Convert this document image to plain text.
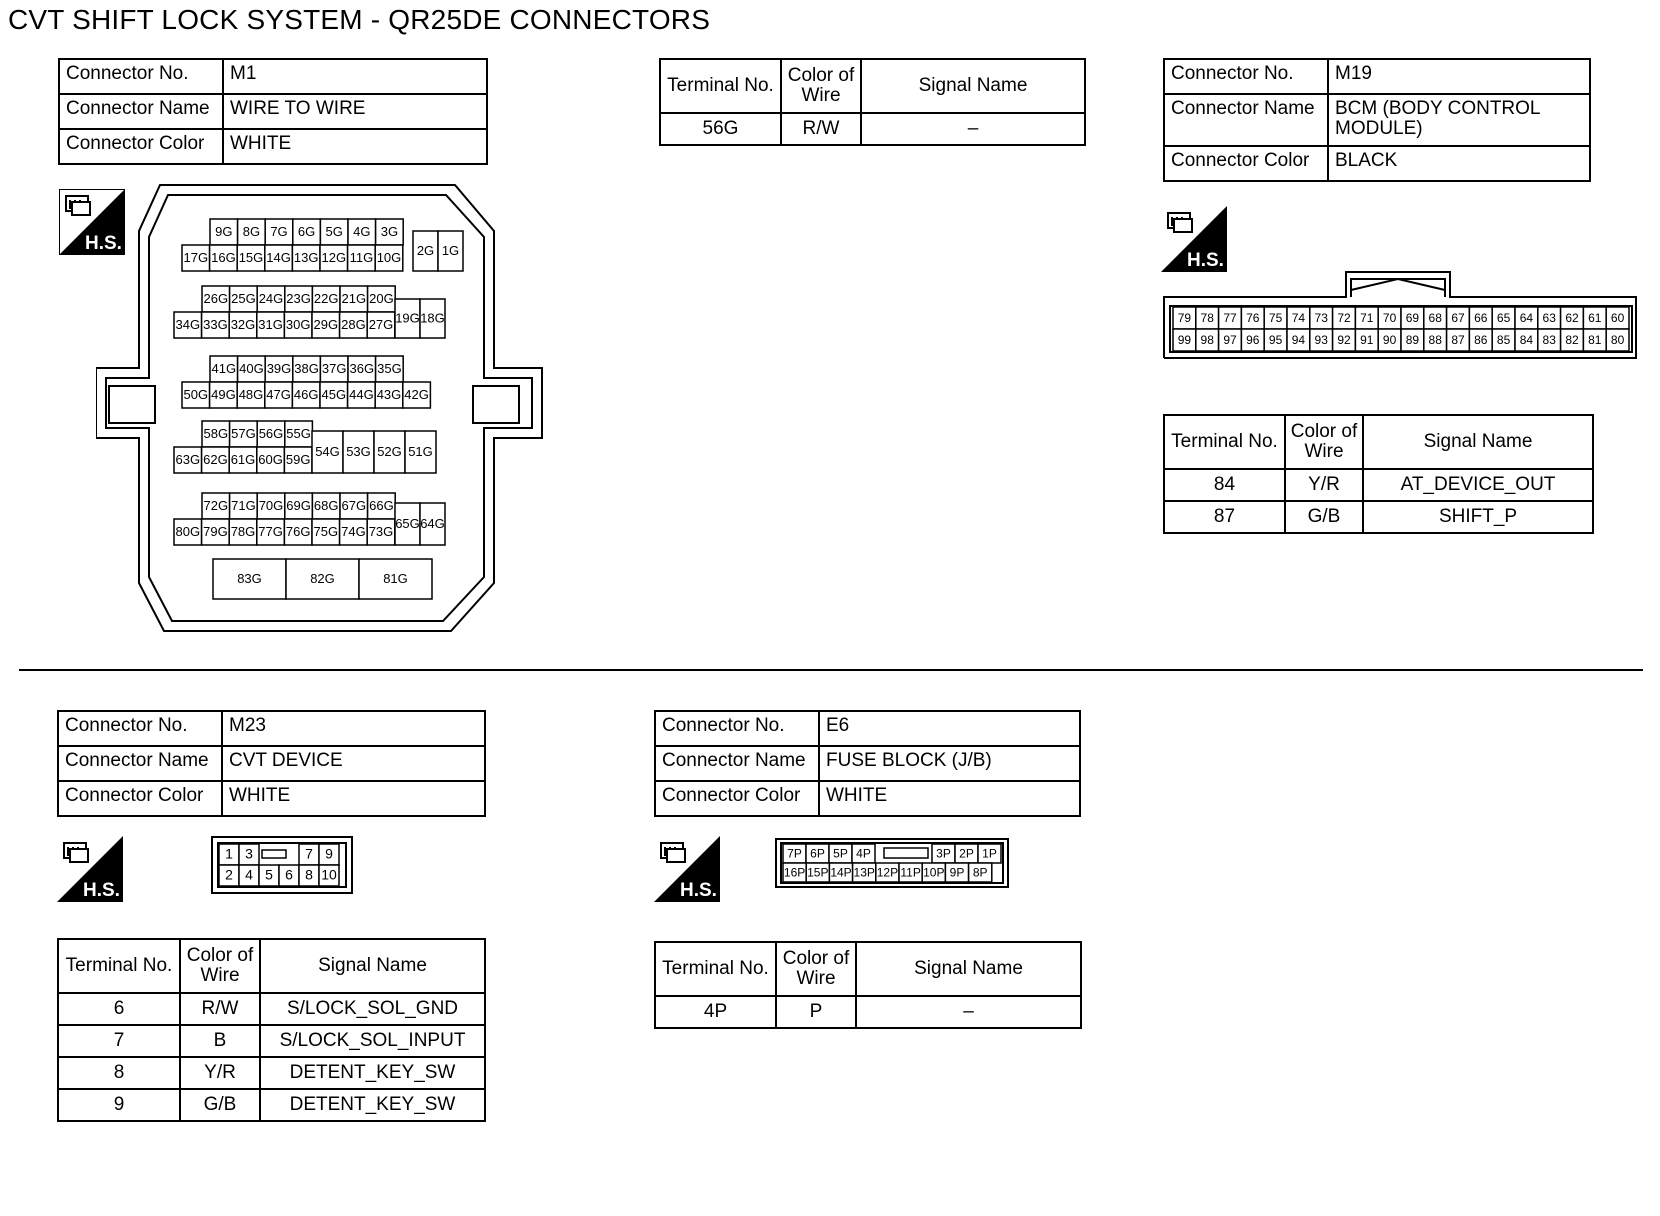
CVT SHIFT LOCK SYSTEM - QR25DE CONNECTORS
Connector No.	M1
Connector Name	WIRE TO WIRE
Connector Color	WHITE
H.S.
9G 8G 7G 6G 5G 4G 3G
17G 16G 15G 14G 13G 12G 11G 10G 2G 1G
26G 25G 24G 23G 22G 21G 20G
34G 33G 32G 31G 30G 29G 28G 27G 19G 18G
41G 40G 39G 38G 37G 36G 35G
50G 49G 48G 47G 46G 45G 44G 43G 42G
58G 57G 56G 55G
63G 62G 61G 60G 59G
54G 53G 52G 51G
72G 71G 70G 69G 68G 67G 66G
80G 79G 78G 77G 76G 75G 74G 73G
65G 64G
83G	82G	81G
Terminal No.	Color of Wire	Signal Name
56G	R/W	–
Connector No.	M19
Connector Name	BCM (BODY CONTROL MODULE)
Connector Color	BLACK
H.S.
79 78 77 76 75 74 73 72 71 70 69 68 67 66 65 64 63 62 61 60
99 98 97 96 95 94 93 92 91 90 89 88 87 86 85 84 83 82 81 80
Terminal No.	Color of Wire	Signal Name
84	Y/R	AT_DEVICE_OUT
87	G/B	SHIFT_P
Connector No.	M23
Connector Name	CVT DEVICE
Connector Color	WHITE
H.S.
1 3	7 9
2 4 5 6 8 10
Terminal No.	Color of Wire	Signal Name
6	R/W	S/LOCK_SOL_GND
7	B	S/LOCK_SOL_INPUT
8	Y/R	DETENT_KEY_SW
9	G/B	DETENT_KEY_SW
Connector No.	E6
Connector Name	FUSE BLOCK (J/B)
Connector Color	WHITE
H.S.
7P 6P 5P 4P	3P 2P 1P
16P 15P 14P 13P 12P 11P 10P 9P 8P
Terminal No.	Color of Wire	Signal Name
4P	P	–
